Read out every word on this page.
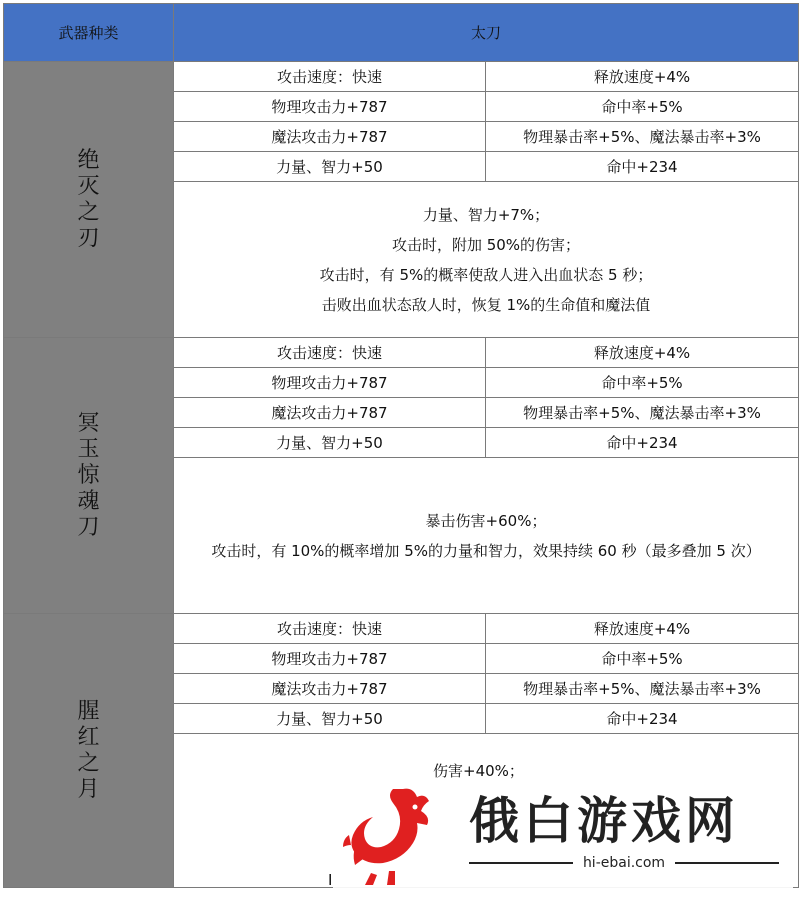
武器种类	太刀	
绝灭之刃	攻击速度：快速	释放速度+4%
	物理攻击力+787	命中率+5%
	魔法攻击力+787	物理暴击率+5%、魔法暴击率+3%
	力量、智力+50	命中+234

	力量、智力+7%；
攻击时，附加 50%的伤害；
攻击时，有 5%的概率使敌人进入出血状态 5 秒；
击败出血状态敌人时，恢复 1%的生命值和魔法值	

冥玉惊魂刀	攻击速度：快速	释放速度+4%
	物理攻击力+787	命中率+5%
	魔法攻击力+787	物理暴击率+5%、魔法暴击率+3%
	力量、智力+50	命中+234

	暴击伤害+60%；
攻击时，有 10%的概率增加 5%的力量和智力，效果持续 60 秒（最多叠加 5 次）	

腥红之月	攻击速度：快速	释放速度+4%
	物理攻击力+787	命中率+5%
	魔法攻击力+787	物理暴击率+5%、魔法暴击率+3%
	力量、智力+50	命中+234

伤害+40%；
I
俄白游戏网
hi-ebai.com
